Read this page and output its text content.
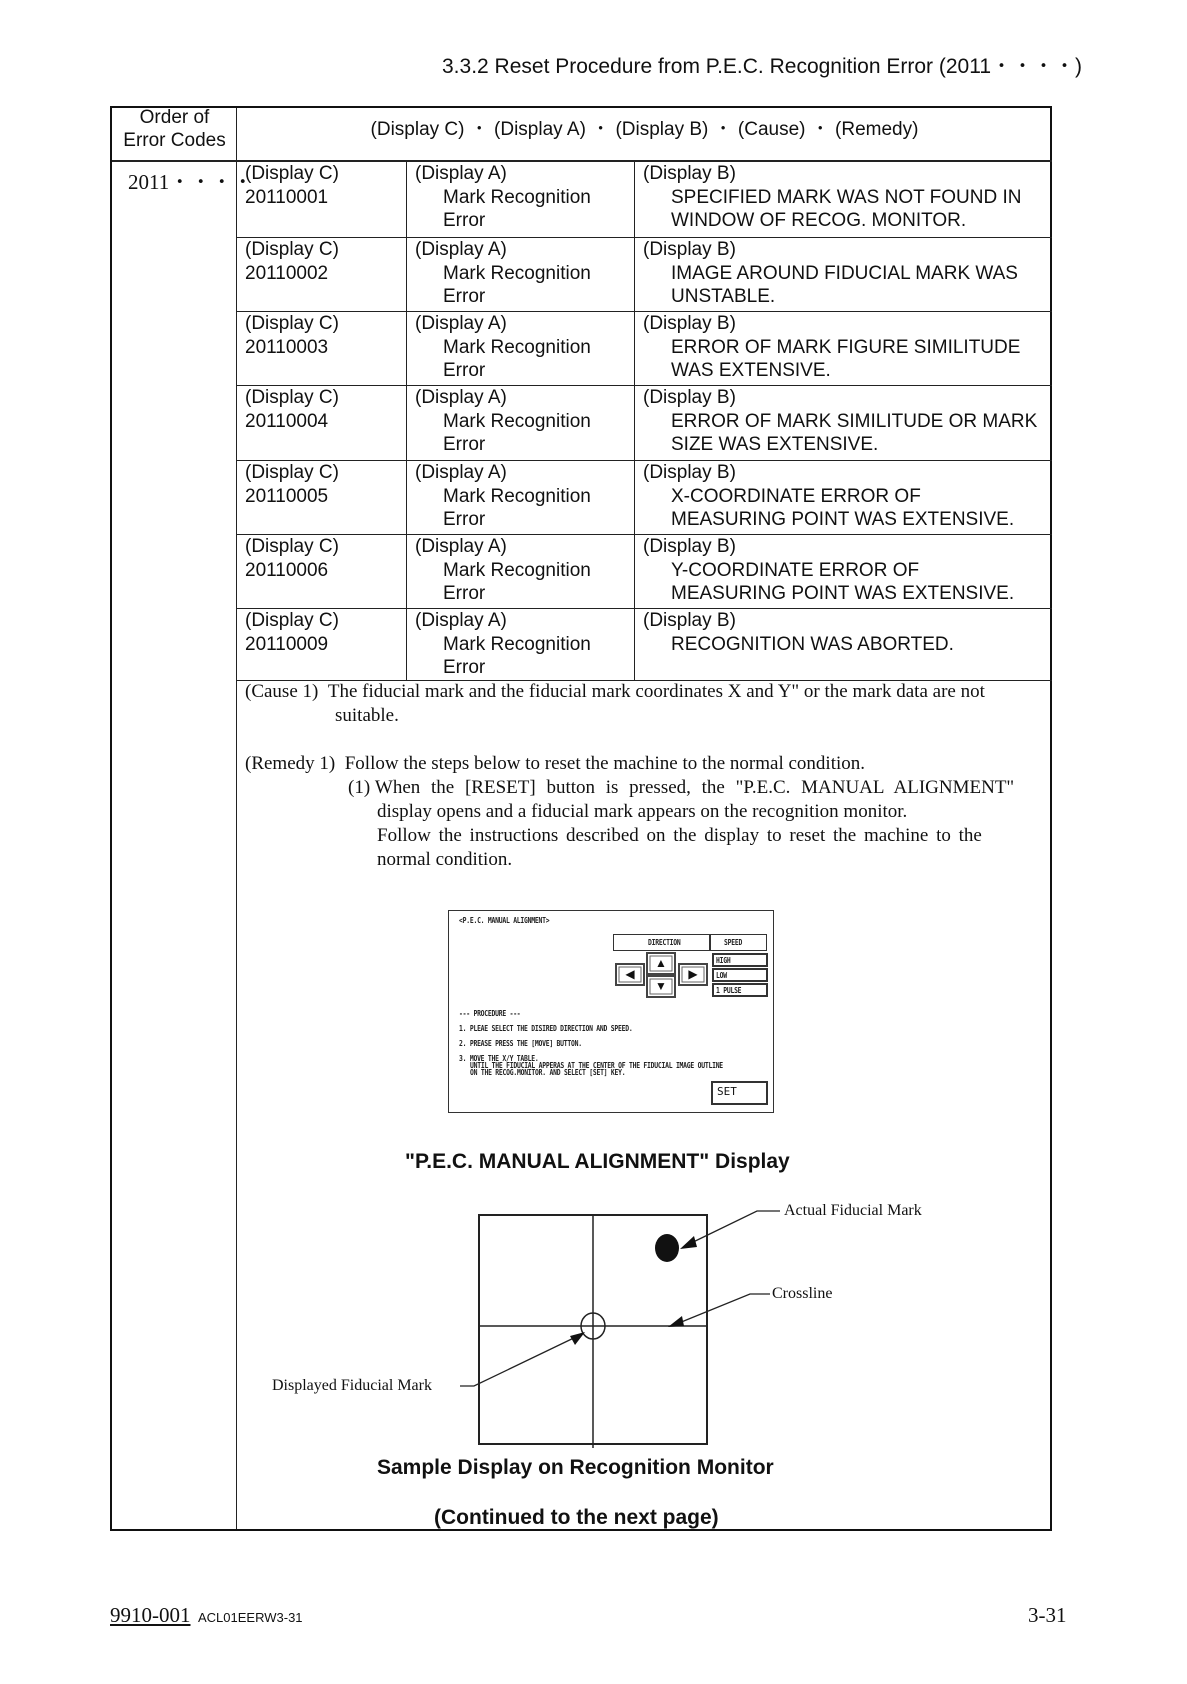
3.3.2 Reset Procedure from P.E.C. Recognition Error (2011・・・・)
Order of
Error Codes
(Display C) ・ (Display A) ・ (Display B) ・ (Cause) ・ (Remedy)
2011・・・・
(Display C)
20110001
(Display A)
Mark Recognition
Error
(Display B)
SPECIFIED MARK WAS NOT FOUND IN
WINDOW OF RECOG. MONITOR.
(Display C)
20110002
(Display A)
Mark Recognition
Error
(Display B)
IMAGE AROUND FIDUCIAL MARK WAS
UNSTABLE.
(Display C)
20110003
(Display A)
Mark Recognition
Error
(Display B)
ERROR OF MARK FIGURE SIMILITUDE
WAS EXTENSIVE.
(Display C)
20110004
(Display A)
Mark Recognition
Error
(Display B)
ERROR OF MARK SIMILITUDE OR MARK
SIZE WAS EXTENSIVE.
(Display C)
20110005
(Display A)
Mark Recognition
Error
(Display B)
X-COORDINATE ERROR OF
MEASURING POINT WAS EXTENSIVE.
(Display C)
20110006
(Display A)
Mark Recognition
Error
(Display B)
Y-COORDINATE ERROR OF
MEASURING POINT WAS EXTENSIVE.
(Display C)
20110009
(Display A)
Mark Recognition
Error
(Display B)
RECOGNITION WAS ABORTED.
(Cause 1) The fiducial mark and the fiducial mark coordinates X and Y" or the mark data are not
suitable.
(Remedy 1) Follow the steps below to reset the machine to the normal condition.
(1) When the [RESET] button is pressed, the "P.E.C. MANUAL ALIGNMENT"
display opens and a fiducial mark appears on the recognition monitor.
Follow the instructions described on the display to reset the machine to the
normal condition.
<P.E.C. MANUAL ALIGNMENT>
DIRECTION	SPEED
▲
▼
◀	▶
HIGH
LOW
1 PULSE
--- PROCEDURE ---
1. PLEAE SELECT THE DISIRED DIRECTION AND SPEED.
2. PREASE PRESS THE [MOVE] BUTTON.
3. MOVE THE X/Y TABLE.
UNTIL THE FIDUCIAL APPERAS AT THE CENTER OF THE FIDUCIAL IMAGE OUTLINE
ON THE RECOG.MONITOR. AND SELECT [SET] KEY.
SET
"P.E.C. MANUAL ALIGNMENT" Display
Actual Fiducial Mark
Crossline
Displayed Fiducial Mark
Sample Display on Recognition Monitor
(Continued to the next page)
9910-001 ACL01EERW3-31	3-31
